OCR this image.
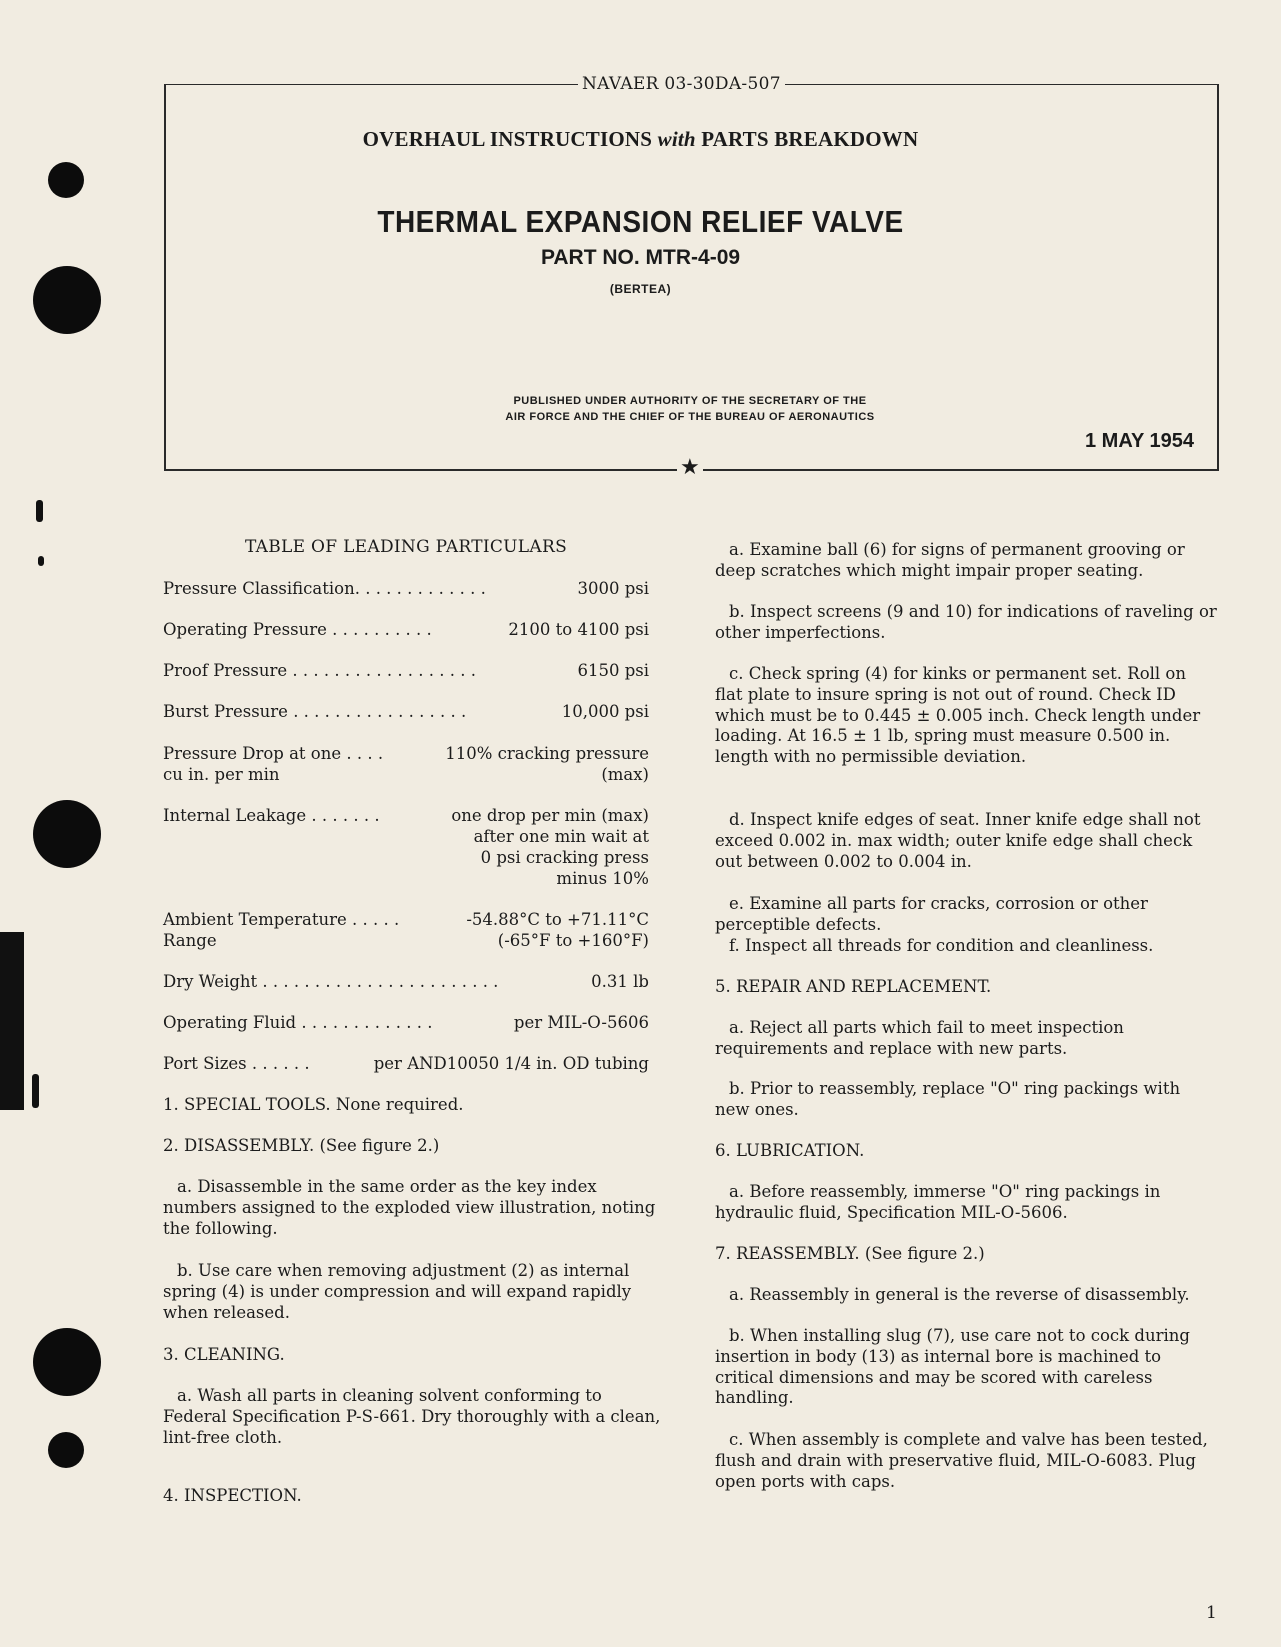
NAVAER 03-30DA-507
OVERHAUL INSTRUCTIONS with PARTS BREAKDOWN
THERMAL EXPANSION RELIEF VALVE
PART NO. MTR-4-09
(BERTEA)
PUBLISHED UNDER AUTHORITY OF THE SECRETARY OF THE
AIR FORCE AND THE CHIEF OF THE BUREAU OF AERONAUTICS
1 MAY 1954
★

TABLE OF LEADING PARTICULARS

Pressure Classification. . . . . . . . . . . . .	3000 psi
Operating Pressure . . . . . . . . . .	2100 to 4100 psi
Proof Pressure . . . . . . . . . . . . . . . . . .	6150 psi
Burst Pressure . . . . . . . . . . . . . . . . .	10,000 psi
Pressure Drop at one . . . .	110% cracking pressure
cu in. per min	(max)
Internal Leakage . . . . . . .	one drop per min (max)
after one min wait at
0 psi cracking press
minus 10%
Ambient Temperature . . . . .	-54.88°C to +71.11°C
Range	(-65°F to +160°F)
Dry Weight . . . . . . . . . . . . . . . . . . . . . . .	0.31 lb
Operating Fluid . . . . . . . . . . . . .	per MIL-O-5606
Port Sizes . . . . . .	per AND10050 1/4 in. OD tubing

1. SPECIAL TOOLS. None required.

2. DISASSEMBLY. (See figure 2.)

a. Disassemble in the same order as the key index numbers assigned to the exploded view illustration, noting the following.

b. Use care when removing adjustment (2) as internal spring (4) is under compression and will expand rapidly when released.

3. CLEANING.

a. Wash all parts in cleaning solvent conforming to Federal Specification P-S-661. Dry thoroughly with a clean, lint-free cloth.

4. INSPECTION.

a. Examine ball (6) for signs of permanent grooving or deep scratches which might impair proper seating.

b. Inspect screens (9 and 10) for indications of raveling or other imperfections.

c. Check spring (4) for kinks or permanent set. Roll on flat plate to insure spring is not out of round. Check ID which must be to 0.445 ± 0.005 inch. Check length under loading. At 16.5 ± 1 lb, spring must measure 0.500 in. length with no permissible deviation.

d. Inspect knife edges of seat. Inner knife edge shall not exceed 0.002 in. max width; outer knife edge shall check out between 0.002 to 0.004 in.

e. Examine all parts for cracks, corrosion or other perceptible defects.

f. Inspect all threads for condition and cleanliness.

5. REPAIR AND REPLACEMENT.

a. Reject all parts which fail to meet inspection requirements and replace with new parts.

b. Prior to reassembly, replace "O" ring packings with new ones.

6. LUBRICATION.

a. Before reassembly, immerse "O" ring packings in hydraulic fluid, Specification MIL-O-5606.

7. REASSEMBLY. (See figure 2.)

a. Reassembly in general is the reverse of disassembly.

b. When installing slug (7), use care not to cock during insertion in body (13) as internal bore is machined to critical dimensions and may be scored with careless handling.

c. When assembly is complete and valve has been tested, flush and drain with preservative fluid, MIL-O-6083. Plug open ports with caps.

1
